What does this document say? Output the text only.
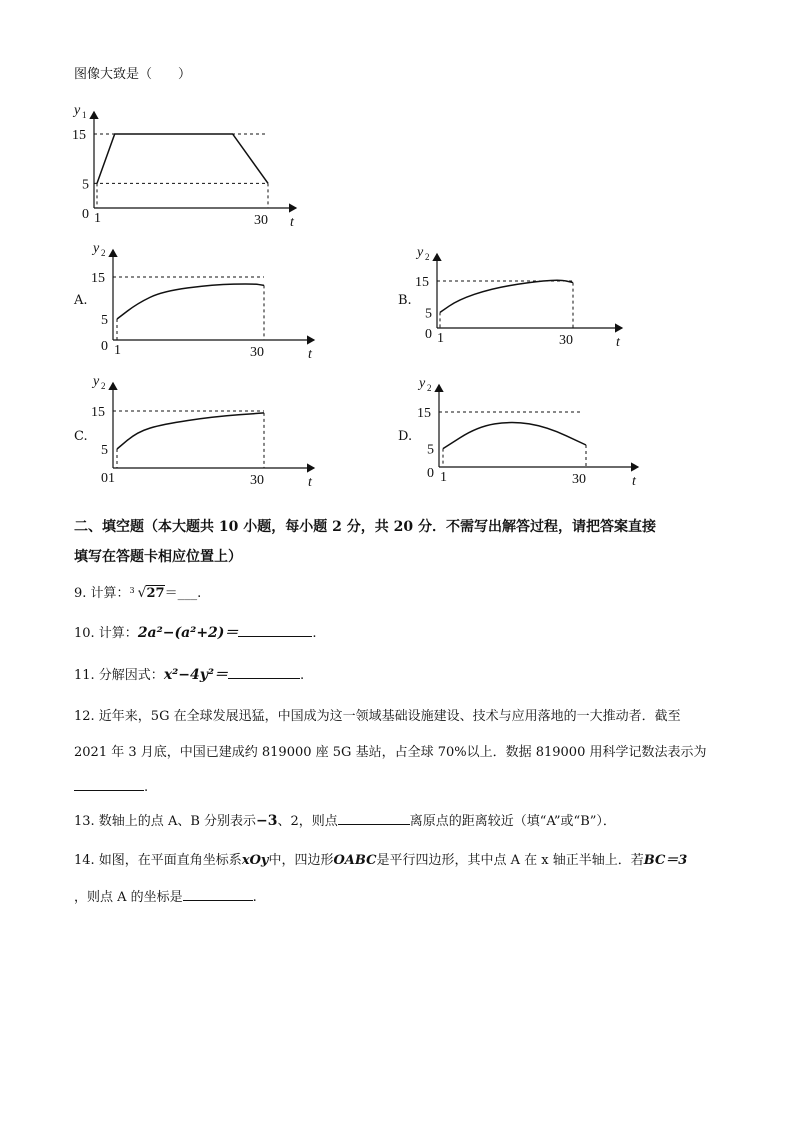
图像大致是（　　）
y 1
t
15
5
0 1	30
y 2
t
15
5
0 1	30
y 2
t
15
5
0 1	30
y 2
t
15
5
01	30
y 2
t
15
5
0 1	30
A.	B.
C.	D.
二、填空题（本大题共 10 小题，每小题 2 分，共 20 分．不需写出解答过程，请把答案直接
填写在答题卡相应位置上）
9. 计算： 3 √27＝___.
10. 计算：2a²−(a²+2)＝	.
11. 分解因式：x²−4y²＝	.
12. 近年来，5G 在全球发展迅猛，中国成为这一领域基础设施建设、技术与应用落地的一大推动者．截至
2021 年 3 月底，中国已建成约 819000 座 5G 基站，占全球 70%以上．数据 819000 用科学记数法表示为
.
13. 数轴上的点 A、B 分别表示−3、2，则点	离原点的距离较近（填“A”或“B”）．
14. 如图，在平面直角坐标系xOy中，四边形OABC是平行四边形，其中点 A 在 x 轴正半轴上．若BC＝3
，则点 A 的坐标是	.
